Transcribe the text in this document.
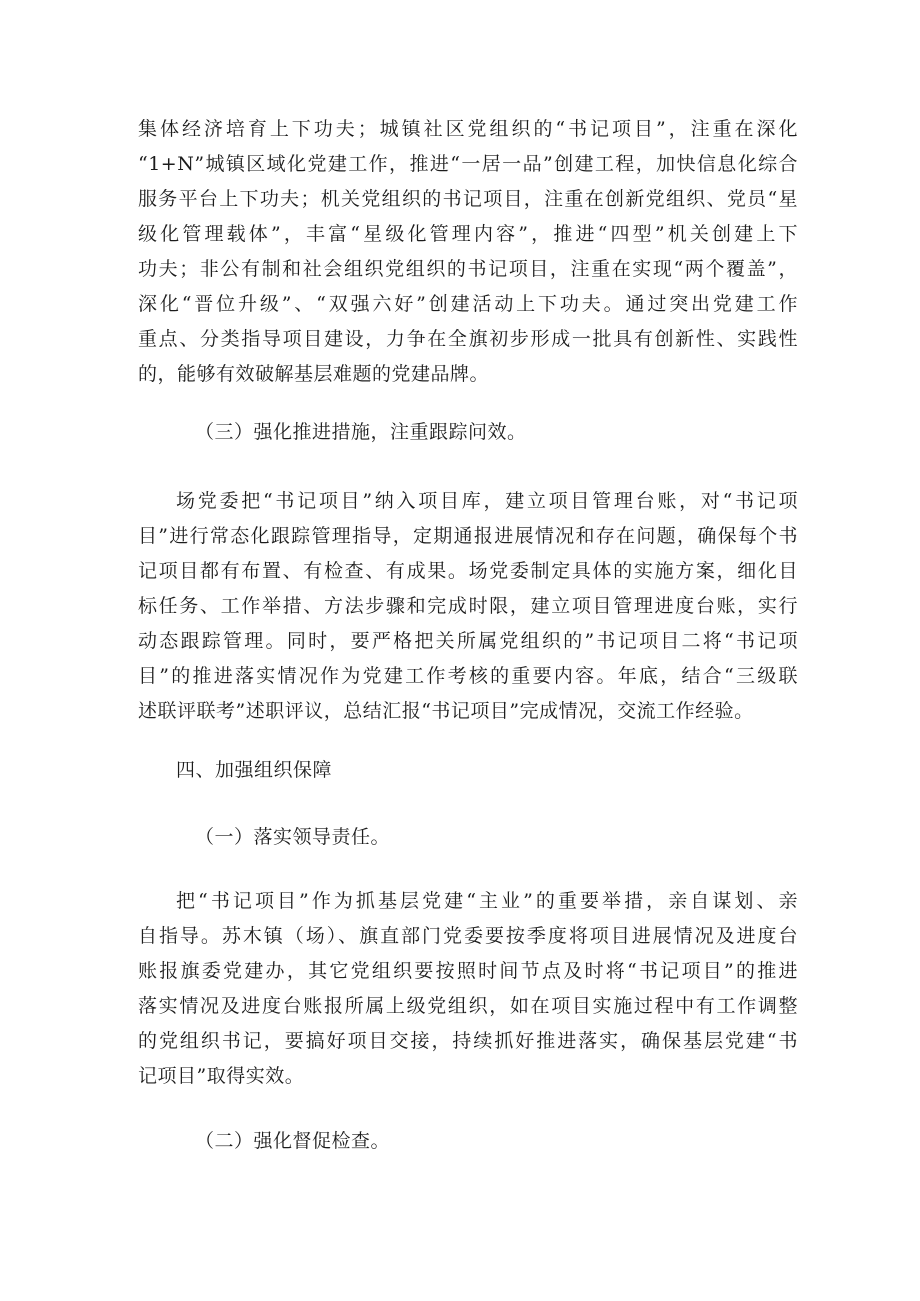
集体经济培育上下功夫；城镇社区党组织的“书记项目”，注重在深化
“1+N”城镇区域化党建工作，推进“一居一品”创建工程，加快信息化综合
服务平台上下功夫；机关党组织的书记项目，注重在创新党组织、党员“星
级化管理载体”，丰富“星级化管理内容”，推进“四型”机关创建上下
功夫；非公有制和社会组织党组织的书记项目，注重在实现“两个覆盖”，
深化“晋位升级”、“双强六好”创建活动上下功夫。通过突出党建工作
重点、分类指导项目建设，力争在全旗初步形成一批具有创新性、实践性
的，能够有效破解基层难题的党建品牌。
（三）强化推进措施，注重跟踪问效。
场党委把“书记项目”纳入项目库，建立项目管理台账，对“书记项
目”进行常态化跟踪管理指导，定期通报进展情况和存在问题，确保每个书
记项目都有布置、有检查、有成果。场党委制定具体的实施方案，细化目
标任务、工作举措、方法步骤和完成时限，建立项目管理进度台账，实行
动态跟踪管理。同时，要严格把关所属党组织的”书记项目二将“书记项
目”的推进落实情况作为党建工作考核的重要内容。年底，结合“三级联
述联评联考”述职评议，总结汇报“书记项目”完成情况，交流工作经验。
四、加强组织保障
（一）落实领导责任。
把“书记项目”作为抓基层党建“主业”的重要举措，亲自谋划、亲
自指导。苏木镇（场）、旗直部门党委要按季度将项目进展情况及进度台
账报旗委党建办，其它党组织要按照时间节点及时将“书记项目”的推进
落实情况及进度台账报所属上级党组织，如在项目实施过程中有工作调整
的党组织书记，要搞好项目交接，持续抓好推进落实，确保基层党建“书
记项目”取得实效。
（二）强化督促检查。
